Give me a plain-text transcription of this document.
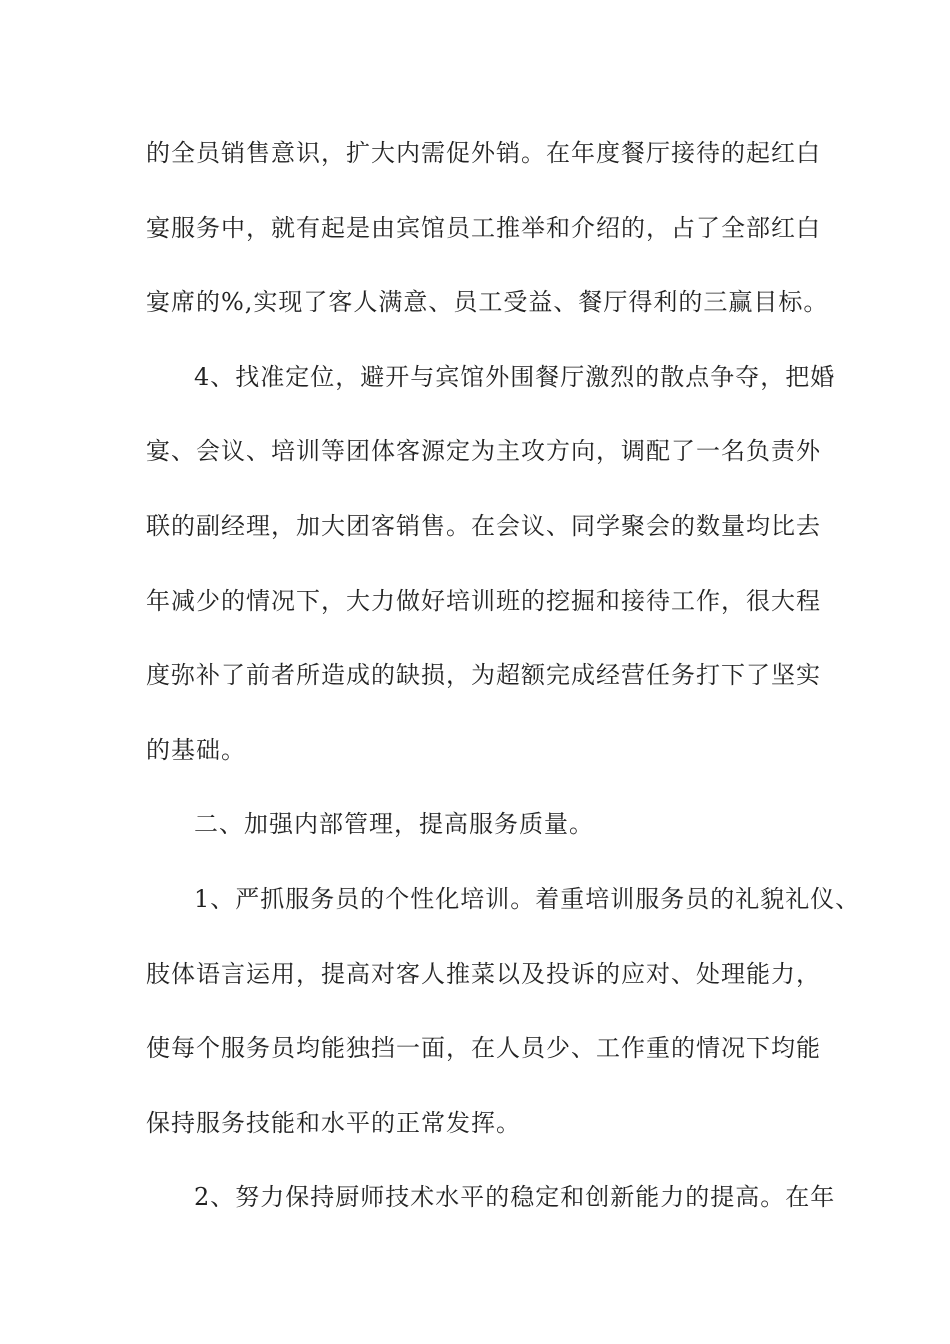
的全员销售意识，扩大内需促外销。在年度餐厅接待的起红白
宴服务中，就有起是由宾馆员工推举和介绍的，占了全部红白
宴席的%,实现了客人满意、员工受益、餐厅得利的三赢目标。
4、找准定位，避开与宾馆外围餐厅激烈的散点争夺，把婚
宴、会议、培训等团体客源定为主攻方向，调配了一名负责外
联的副经理，加大团客销售。在会议、同学聚会的数量均比去
年减少的情况下，大力做好培训班的挖掘和接待工作，很大程
度弥补了前者所造成的缺损，为超额完成经营任务打下了坚实
的基础。
二、加强内部管理，提高服务质量。
1、严抓服务员的个性化培训。着重培训服务员的礼貌礼仪、
肢体语言运用，提高对客人推菜以及投诉的应对、处理能力，
使每个服务员均能独挡一面，在人员少、工作重的情况下均能
保持服务技能和水平的正常发挥。
2、努力保持厨师技术水平的稳定和创新能力的提高。在年
